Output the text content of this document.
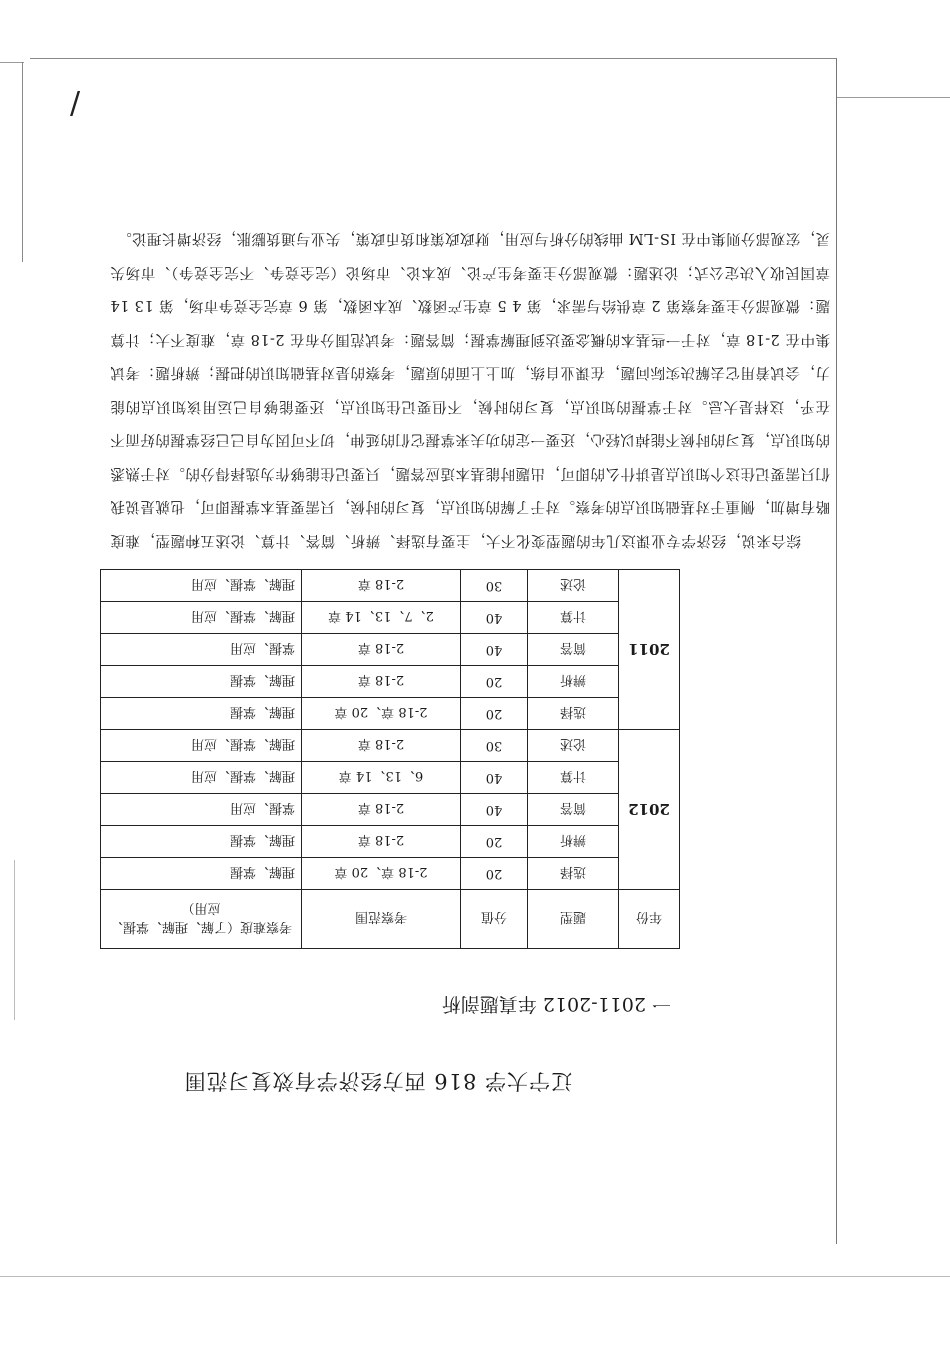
/
辽宁大学 816 西方经济学有效复习范围
一 2011-2012 年真题剖析
年份	题型	分值	考察范围	考察难度（了解、理解、掌握、应用）
2012	选择	20	2-18 章、20 章	理解、掌握
	辨析	20	2-18 章	理解、掌握
	简答	40	2-18 章	掌握、应用
	计算	40	6、13、14 章	理解、掌握、应用
	论述	30	2-18 章	理解、掌握、应用
2011	选择	20	2-18 章、20 章	理解、掌握
	辨析	20	2-18 章	理解、掌握
	简答	40	2-18 章	掌握、应用
	计算	40	2、7、13、14 章	理解、掌握、应用
	论述	30	2-18 章	理解、掌握、应用

综合来说，经济学专业课这几年的题型变化不大，主要有选择、辨析、简答、计算、论述五种题型，难度略有增加，侧重于对基础知识点的考察。对于了解的知识点，复习的时候，只需要基本掌握即可，也就是说我们只需要记住这个知识点是讲什么的即可，出题时能基本适应答题，只要记住能够作为选择得分的。对于熟悉的知识点，复习的时候不能掉以轻心，还要一定的功夫来掌握它们的延伸，切不可因为自己已经掌握的好而不在乎，这样是大忌。对于掌握的知识点，复习的时候，不但要记住知识点，还要能够自己运用该知识点的能力，会试着用它去解决实际问题，在课业自练，加上上面的原题，考察的是对基础知识的把握；辨析题：考试集中在 2-18 章，对于一些基本的概念要达到理解掌握；简答题：考试范围分布在 2-18 章，难度不大；计算题：微观部分主要考察第 2 章供给与需求，第 4 5 章生产函数、成本函数，第 6 章完全竞争市场，第 13 14 章国民收入决定公式；论述题：微观部分主要考生产论、成本论、市场论（完全竞争、不完全竞争）、市场失灵，宏观部分则集中在 IS-LM 曲线的分析与应用，财政政策和货币政策，失业与通货膨胀，经济增长理论。
